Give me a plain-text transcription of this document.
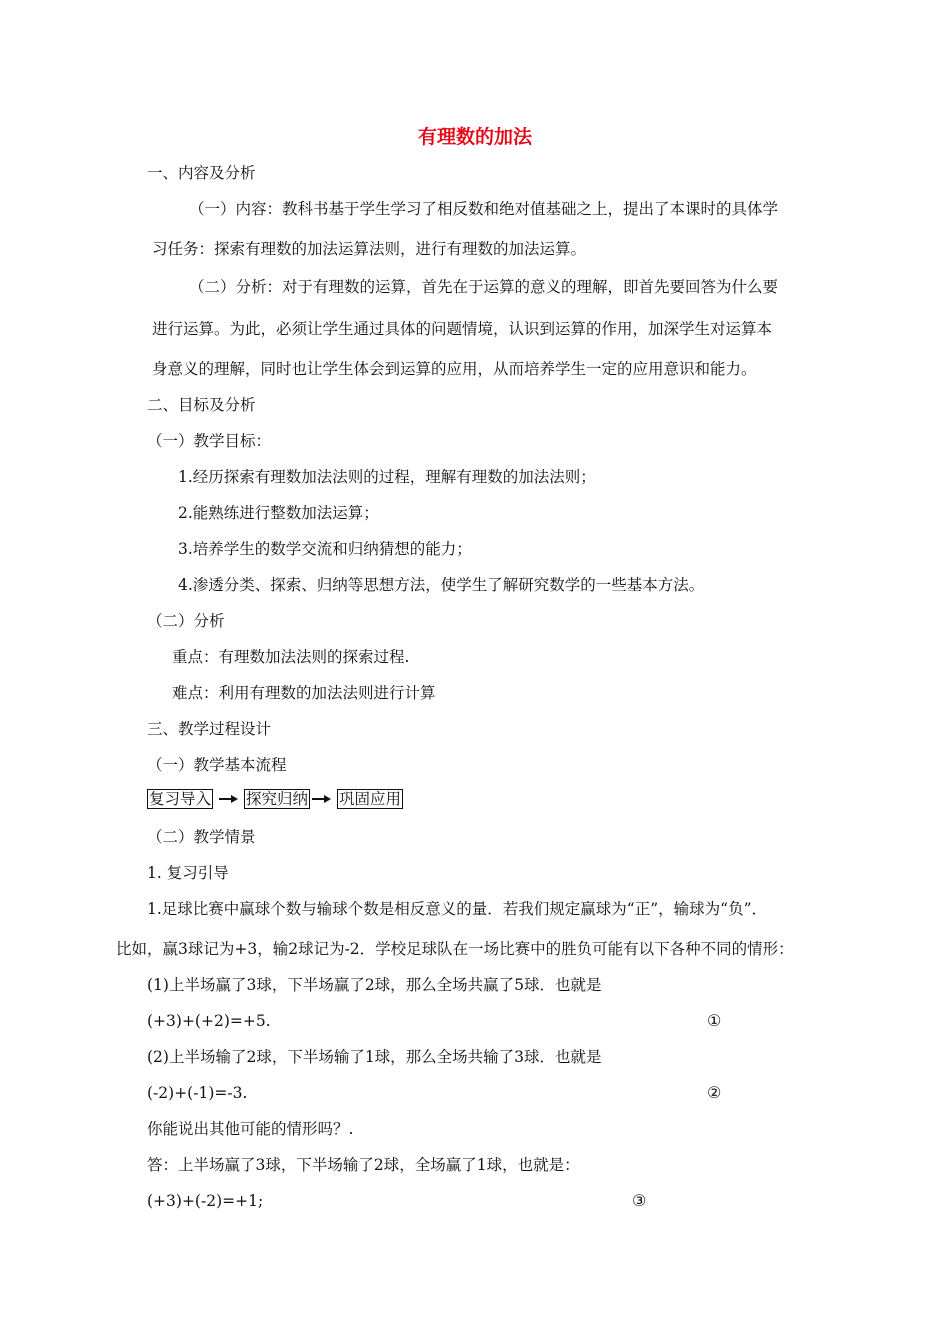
有理数的加法
一、内容及分析
（一）内容：教科书基于学生学习了相反数和绝对值基础之上，提出了本课时的具体学
习任务：探索有理数的加法运算法则，进行有理数的加法运算。
（二）分析：对于有理数的运算，首先在于运算的意义的理解，即首先要回答为什么要
进行运算。为此，必须让学生通过具体的问题情境，认识到运算的作用，加深学生对运算本
身意义的理解，同时也让学生体会到运算的应用，从而培养学生一定的应用意识和能力。
二、目标及分析
（一）教学目标：
1.经历探索有理数加法法则的过程，理解有理数的加法法则；
2.能熟练进行整数加法运算；
3.培养学生的数学交流和归纳猜想的能力；
4.渗透分类、探索、归纳等思想方法，使学生了解研究数学的一些基本方法。
（二）分析
重点：有理数加法法则的探索过程.
难点：利用有理数的加法法则进行计算
三、教学过程设计
（一）教学基本流程
复习导入 探究归纳 巩固应用
（二）教学情景
1. 复习引导
1.足球比赛中赢球个数与输球个数是相反意义的量．若我们规定赢球为“正”，输球为“负”．
比如，赢3球记为+3，输2球记为-2．学校足球队在一场比赛中的胜负可能有以下各种不同的情形：
(1)上半场赢了3球，下半场赢了2球，那么全场共赢了5球．也就是
(+3)+(+2)=+5.	①
(2)上半场输了2球，下半场输了1球，那么全场共输了3球．也就是
(-2)+(-1)=-3.	②
你能说出其他可能的情形吗？.
答：上半场赢了3球，下半场输了2球，全场赢了1球，也就是：
(+3)+(-2)=+1;	③
